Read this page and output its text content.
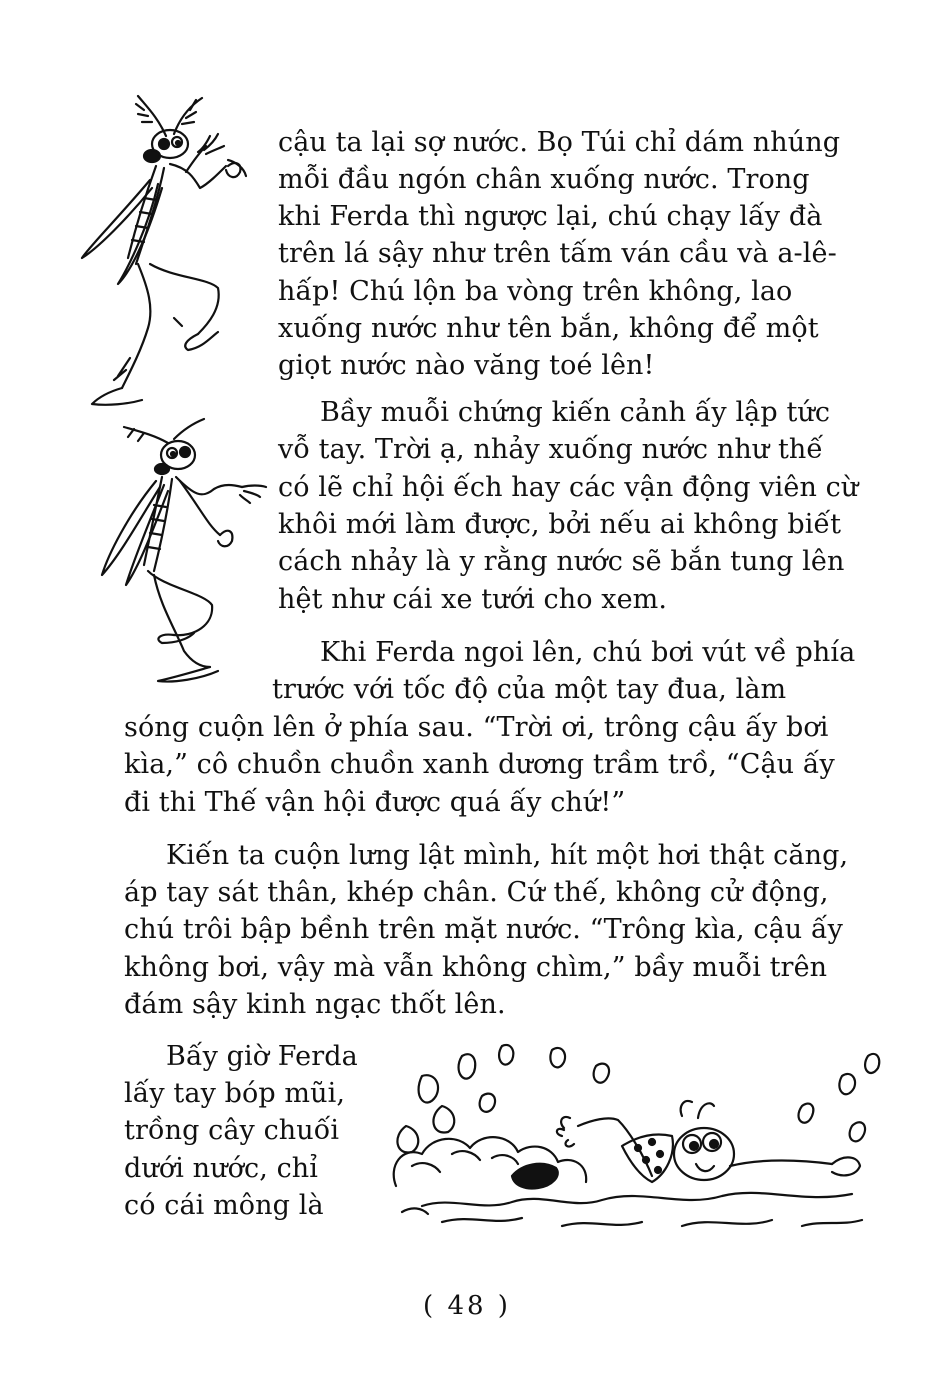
cậu ta lại sợ nước. Bọ Túi chỉ dám nhúng
mỗi đầu ngón chân xuống nước. Trong
khi Ferda thì ngược lại, chú chạy lấy đà
trên lá sậy như trên tấm ván cầu và a-lê-
hấp! Chú lộn ba vòng trên không, lao
xuống nước như tên bắn, không để một
giọt nước nào văng toé lên!
Bầy muỗi chứng kiến cảnh ấy lập tức
vỗ tay. Trời ạ, nhảy xuống nước như thế
có lẽ chỉ hội ếch hay các vận động viên cừ
khôi mới làm được, bởi nếu ai không biết
cách nhảy là y rằng nước sẽ bắn tung lên
hệt như cái xe tưới cho xem.
Khi Ferda ngoi lên, chú bơi vút về phía
trước với tốc độ của một tay đua, làm
sóng cuộn lên ở phía sau. “Trời ơi, trông cậu ấy bơi
kìa,” cô chuồn chuồn xanh dương trầm trồ, “Cậu ấy
đi thi Thế vận hội được quá ấy chứ!”
Kiến ta cuộn lưng lật mình, hít một hơi thật căng,
áp tay sát thân, khép chân. Cứ thế, không cử động,
chú trôi bập bềnh trên mặt nước. “Trông kìa, cậu ấy
không bơi, vậy mà vẫn không chìm,” bầy muỗi trên
đám sậy kinh ngạc thốt lên.
Bấy giờ Ferda
lấy tay bóp mũi,
trồng cây chuối
dưới nước, chỉ
có cái mông là
( 48 )
